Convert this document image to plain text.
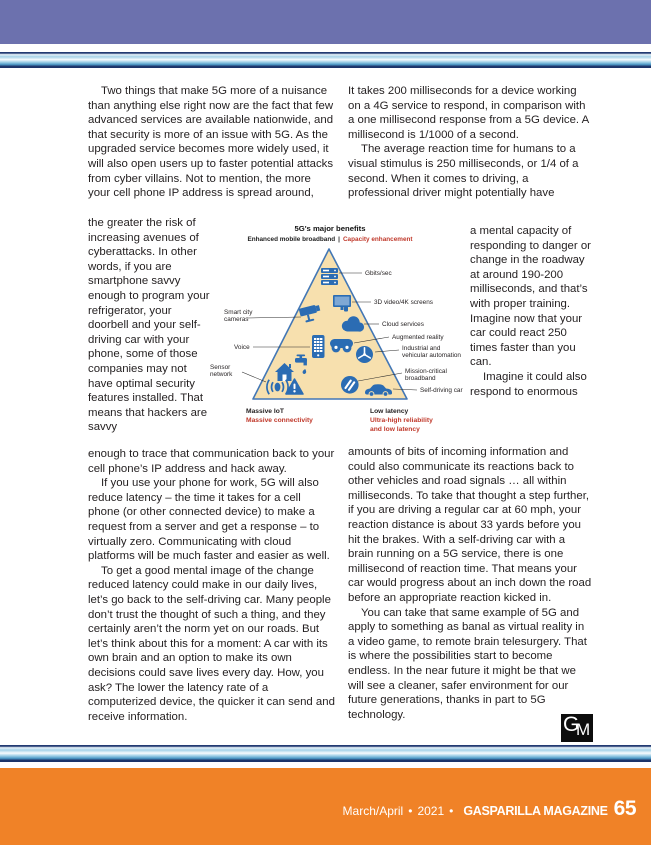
Two things that make 5G more of a nuisance than anything else right now are the fact that few advanced services are available nationwide, and that security is more of an issue with 5G. As the upgraded service becomes more widely used, it will also open users up to faster potential attacks from cyber villains. Not to mention, the more your cell phone IP address is spread around,

the greater the risk of increasing avenues of cyberattacks. In other words, if you are smartphone savvy enough to program your refrigerator, your doorbell and your self-driving car with your phone, some of those companies may not have optimal security features installed. That means that hackers are savvy

enough to trace that communication back to your cell phone’s IP address and hack away.

If you use your phone for work, 5G will also reduce latency – the time it takes for a cell phone (or other connected device) to make a request from a server and get a response – to virtually zero. Communicating with cloud platforms will be much faster and easier as well.

To get a good mental image of the change reduced latency could make in our daily lives, let’s go back to the self-driving car. Many people don’t trust the thought of such a thing, and they certainly aren’t the norm yet on our roads. But let’s think about this for a moment: A car with its own brain and an option to make its own decisions could save lives every day. How, you ask? The lower the latency rate of a computerized device, the quicker it can send and receive information.

It takes 200 milliseconds for a device working on a 4G service to respond, in comparison with a one millisecond response from a 5G device. A millisecond is 1/1000 of a second.

The average reaction time for humans to a visual stimulus is 250 milliseconds, or 1/4 of a second. When it comes to driving, a professional driver might potentially have

a mental capacity of responding to danger or change in the roadway at around 190-200 milliseconds, and that’s with proper training. Imagine now that your car could react 250 times faster than you can.

Imagine it could also respond to enormous

amounts of bits of incoming information and could also communicate its reactions back to other vehicles and road signals … all within milliseconds. To take that thought a step further, if you are driving a regular car at 60 mph, your reaction distance is about 33 yards before you hit the brakes. With a self-driving car with a brain running on a 5G service, there is one millisecond of reaction time. That means your car would progress about an inch down the road before an appropriate reaction kicked in.

You can take that same example of 5G and apply to something as banal as virtual reality in a video game, to remote brain telesurgery. That is where the possibilities start to become endless. In the near future it might be that we will see a cleaner, safer environment for our future generations, thanks in part to 5G technology.

5G's major benefits
Enhanced mobile broadband | Capacity enhancement
Gbits/sec
3D video/4K screens
Cloud services
Augmented reality
Industrial and
vehicular automation
Mission-critical
broadband
Self-driving car
Smart city
cameras
Voice
Sensor
network
Massive IoT
Massive connectivity
Low latency
Ultra-high reliability
and low latency
G
M
March/April • 2021 • GASPARILLA MAGAZINE 65
